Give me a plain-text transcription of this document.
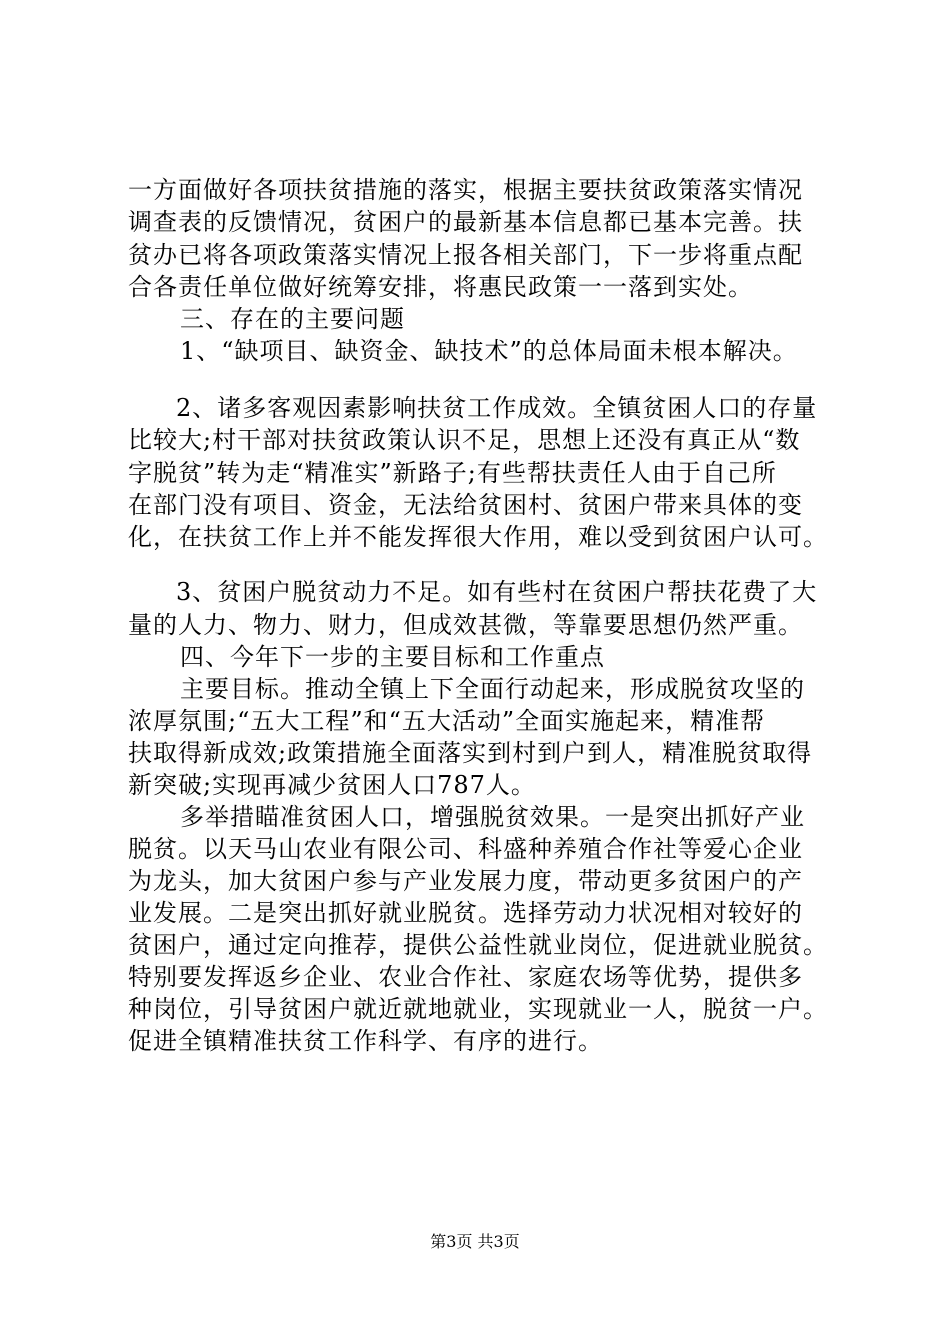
一方面做好各项扶贫措施的落实，根据主要扶贫政策落实情况
调查表的反馈情况，贫困户的最新基本信息都已基本完善。扶
贫办已将各项政策落实情况上报各相关部门，下一步将重点配
合各责任单位做好统筹安排，将惠民政策一一落到实处。
三、存在的主要问题
1、“缺项目、缺资金、缺技术”的总体局面未根本解决。
2、诸多客观因素影响扶贫工作成效。全镇贫困人口的存量
比较大;村干部对扶贫政策认识不足，思想上还没有真正从“数
字脱贫”转为走“精准实”新路子;有些帮扶责任人由于自己所
在部门没有项目、资金，无法给贫困村、贫困户带来具体的变
化，在扶贫工作上并不能发挥很大作用，难以受到贫困户认可。
3、贫困户脱贫动力不足。如有些村在贫困户帮扶花费了大
量的人力、物力、财力，但成效甚微，等靠要思想仍然严重。
四、今年下一步的主要目标和工作重点
主要目标。推动全镇上下全面行动起来，形成脱贫攻坚的
浓厚氛围;“五大工程”和“五大活动”全面实施起来，精准帮
扶取得新成效;政策措施全面落实到村到户到人，精准脱贫取得
新突破;实现再减少贫困人口787人。
多举措瞄准贫困人口，增强脱贫效果。一是突出抓好产业
脱贫。以天马山农业有限公司、科盛种养殖合作社等爱心企业
为龙头，加大贫困户参与产业发展力度，带动更多贫困户的产
业发展。二是突出抓好就业脱贫。选择劳动力状况相对较好的
贫困户，通过定向推荐，提供公益性就业岗位，促进就业脱贫。
特别要发挥返乡企业、农业合作社、家庭农场等优势，提供多
种岗位，引导贫困户就近就地就业，实现就业一人，脱贫一户。
促进全镇精准扶贫工作科学、有序的进行。
第3页 共3页
